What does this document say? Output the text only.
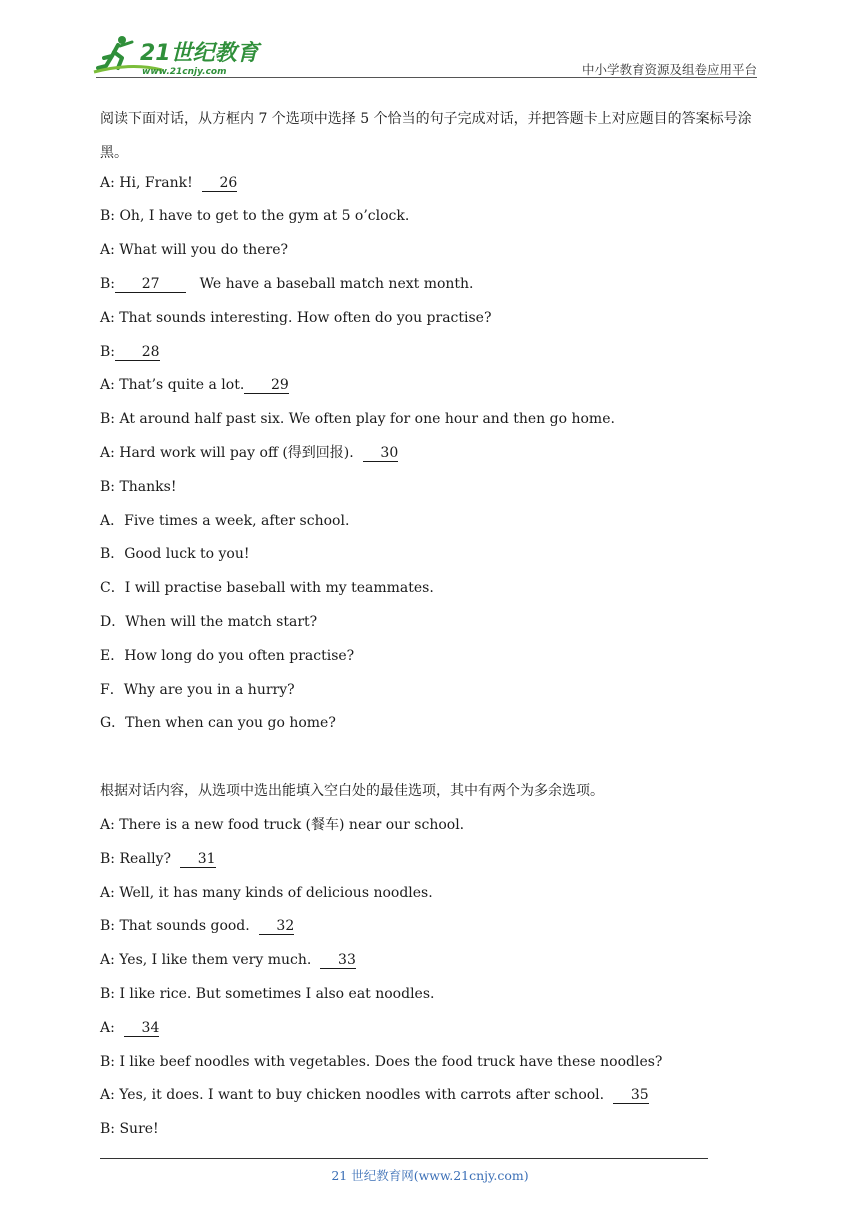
21世纪教育
www.21cnjy.com	中小学教育资源及组卷应用平台
阅读下面对话，从方框内 7 个选项中选择 5 个恰当的句子完成对话，并把答题卡上对应题目的答案标号涂黑。
A: Hi, Frank!      26
B: Oh, I have to get to the gym at 5 o’clock.
A: What will you do there?
B:      27         We have a baseball match next month.
A: That sounds interesting. How often do you practise?
B:      28
A: That’s quite a lot.      29
B: At around half past six. We often play for one hour and then go home.
A: Hard work will pay off (得到回报).      30
B: Thanks!
A．Five times a week, after school.
B．Good luck to you!
C．I will practise baseball with my teammates.
D．When will the match start?
E．How long do you often practise?
F．Why are you in a hurry?
G．Then when can you go home?
根据对话内容，从选项中选出能填入空白处的最佳选项，其中有两个为多余选项。
A: There is a new food truck (餐车) near our school.
B: Really?      31
A: Well, it has many kinds of delicious noodles.
B: That sounds good.      32
A: Yes, I like them very much.      33
B: I like rice. But sometimes I also eat noodles.
A:      34
B: I like beef noodles with vegetables. Does the food truck have these noodles?
A: Yes, it does. I want to buy chicken noodles with carrots after school.      35
B: Sure!
21 世纪教育网(www.21cnjy.com)
